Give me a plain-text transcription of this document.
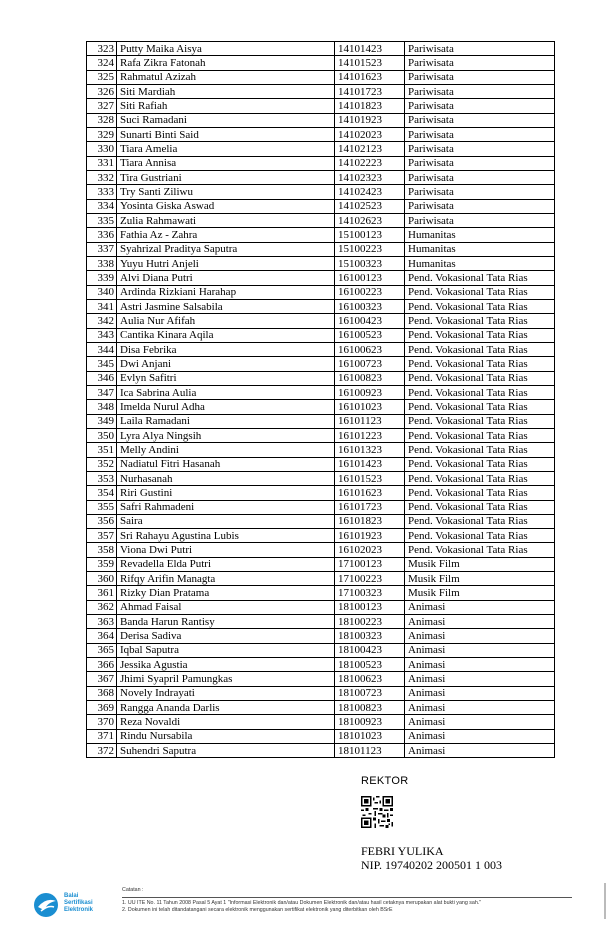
323	Putty Maika Aisya	14101423	Pariwisata
324	Rafa Zikra Fatonah	14101523	Pariwisata
325	Rahmatul Azizah	14101623	Pariwisata
326	Siti Mardiah	14101723	Pariwisata
327	Siti Rafiah	14101823	Pariwisata
328	Suci Ramadani	14101923	Pariwisata
329	Sunarti Binti Said	14102023	Pariwisata
330	Tiara Amelia	14102123	Pariwisata
331	Tiara Annisa	14102223	Pariwisata
332	Tira Gustriani	14102323	Pariwisata
333	Try Santi Ziliwu	14102423	Pariwisata
334	Yosinta Giska Aswad	14102523	Pariwisata
335	Zulia Rahmawati	14102623	Pariwisata
336	Fathia Az - Zahra	15100123	Humanitas
337	Syahrizal Praditya Saputra	15100223	Humanitas
338	Yuyu Hutri Anjeli	15100323	Humanitas
339	Alvi Diana Putri	16100123	Pend. Vokasional Tata Rias
340	Ardinda Rizkiani Harahap	16100223	Pend. Vokasional Tata Rias
341	Astri Jasmine Salsabila	16100323	Pend. Vokasional Tata Rias
342	Aulia Nur Afifah	16100423	Pend. Vokasional Tata Rias
343	Cantika Kinara Aqila	16100523	Pend. Vokasional Tata Rias
344	Disa Febrika	16100623	Pend. Vokasional Tata Rias
345	Dwi Anjani	16100723	Pend. Vokasional Tata Rias
346	Evlyn Safitri	16100823	Pend. Vokasional Tata Rias
347	Ica Sabrina Aulia	16100923	Pend. Vokasional Tata Rias
348	Imelda Nurul Adha	16101023	Pend. Vokasional Tata Rias
349	Laila Ramadani	16101123	Pend. Vokasional Tata Rias
350	Lyra Alya Ningsih	16101223	Pend. Vokasional Tata Rias
351	Melly Andini	16101323	Pend. Vokasional Tata Rias
352	Nadiatul Fitri Hasanah	16101423	Pend. Vokasional Tata Rias
353	Nurhasanah	16101523	Pend. Vokasional Tata Rias
354	Riri Gustini	16101623	Pend. Vokasional Tata Rias
355	Safri Rahmadeni	16101723	Pend. Vokasional Tata Rias
356	Saira	16101823	Pend. Vokasional Tata Rias
357	Sri Rahayu Agustina Lubis	16101923	Pend. Vokasional Tata Rias
358	Viona Dwi Putri	16102023	Pend. Vokasional Tata Rias
359	Revadella Elda Putri	17100123	Musik Film
360	Rifqy Arifin Managta	17100223	Musik Film
361	Rizky Dian Pratama	17100323	Musik Film
362	Ahmad Faisal	18100123	Animasi
363	Banda Harun Rantisy	18100223	Animasi
364	Derisa Sadiva	18100323	Animasi
365	Iqbal Saputra	18100423	Animasi
366	Jessika Agustia	18100523	Animasi
367	Jhimi Syapril Pamungkas	18100623	Animasi
368	Novely Indrayati	18100723	Animasi
369	Rangga Ananda Darlis	18100823	Animasi
370	Reza Novaldi	18100923	Animasi
371	Rindu Nursabila	18101023	Animasi
372	Suhendri Saputra	18101123	Animasi
REKTOR
FEBRI YULIKA
NIP. 19740202 200501 1 003
Balai
Sertifikasi
Elektronik
Catatan :
1. UU ITE No. 11 Tahun 2008 Pasal 5 Ayat 1 "Informasi Elektronik dan/atau Dokumen Elektronik dan/atau hasil cetaknya merupakan alat bukti yang sah."
2. Dokumen ini telah ditandatangani secara elektronik menggunakan sertifikat elektronik yang diterbitkan oleh BSrE
